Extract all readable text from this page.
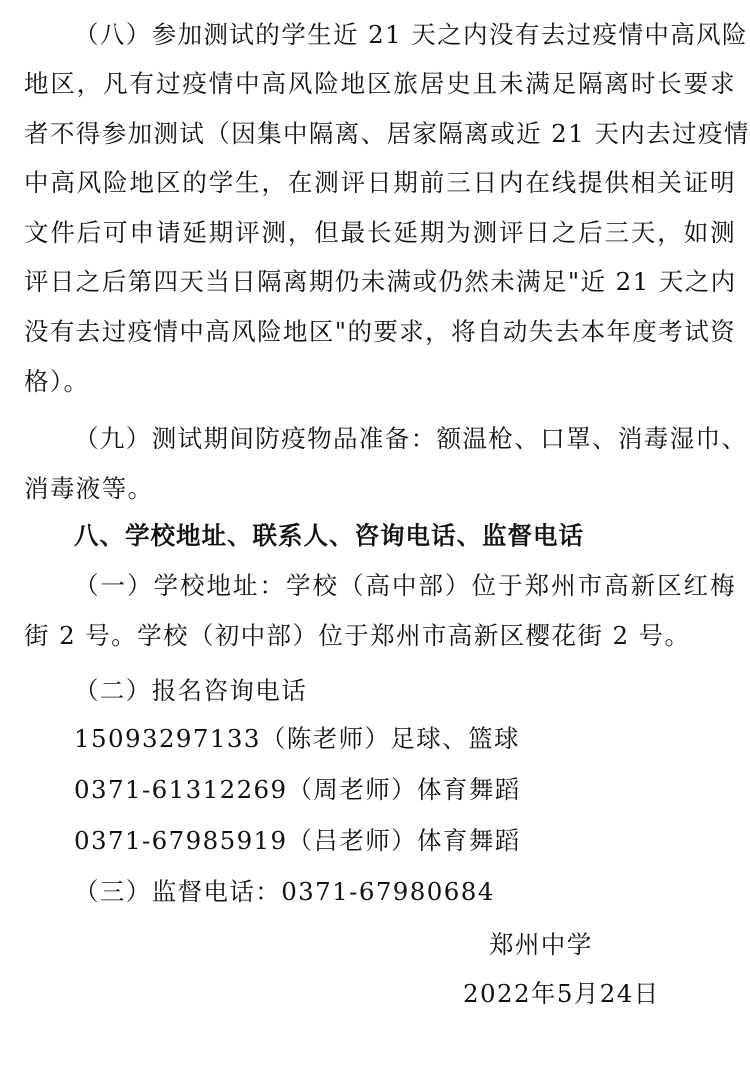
（八）参加测试的学生近 21 天之内没有去过疫情中高风险
地区，凡有过疫情中高风险地区旅居史且未满足隔离时长要求
者不得参加测试（因集中隔离、居家隔离或近 21 天内去过疫情
中高风险地区的学生，在测评日期前三日内在线提供相关证明
文件后可申请延期评测，但最长延期为测评日之后三天，如测
评日之后第四天当日隔离期仍未满或仍然未满足"近 21 天之内
没有去过疫情中高风险地区"的要求，将自动失去本年度考试资
格）。
（九）测试期间防疫物品准备：额温枪、口罩、消毒湿巾、
消毒液等。
八、学校地址、联系人、咨询电话、监督电话
（一）学校地址：学校（高中部）位于郑州市高新区红梅
街 2 号。学校（初中部）位于郑州市高新区樱花街 2 号。
（二）报名咨询电话
15093297133（陈老师）足球、篮球
0371-61312269（周老师）体育舞蹈
0371-67985919（吕老师）体育舞蹈
（三）监督电话：0371-67980684
郑州中学
2022年5月24日
